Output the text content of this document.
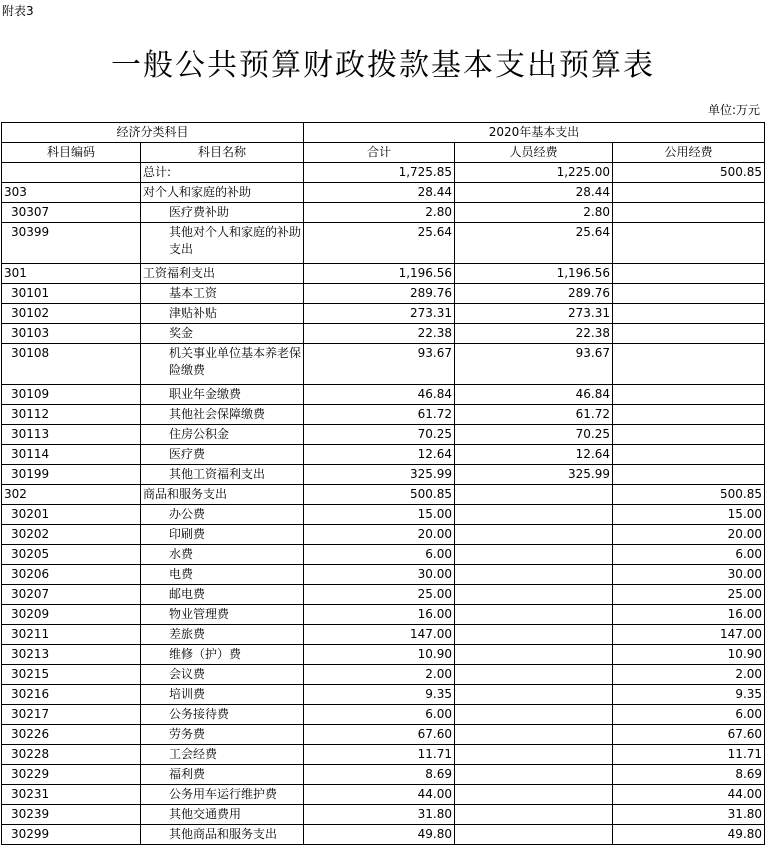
附表3
一般公共预算财政拨款基本支出预算表
单位:万元
经济分类科目		2020年基本支出		
科目编码	科目名称	合计	人员经费	公用经费
	总计:	1,725.85	1,225.00	500.85
303	对个人和家庭的补助	28.44	28.44	
30307	医疗费补助	2.80	2.80	
30399	其他对个人和家庭的补助支出	25.64	25.64	
301	工资福利支出	1,196.56	1,196.56	
30101	基本工资	289.76	289.76	
30102	津贴补贴	273.31	273.31	
30103	奖金	22.38	22.38	
30108	机关事业单位基本养老保险缴费	93.67	93.67	
30109	职业年金缴费	46.84	46.84	
30112	其他社会保障缴费	61.72	61.72	
30113	住房公积金	70.25	70.25	
30114	医疗费	12.64	12.64	
30199	其他工资福利支出	325.99	325.99	
302	商品和服务支出	500.85		500.85
30201	办公费	15.00		15.00
30202	印刷费	20.00		20.00
30205	水费	6.00		6.00
30206	电费	30.00		30.00
30207	邮电费	25.00		25.00
30209	物业管理费	16.00		16.00
30211	差旅费	147.00		147.00
30213	维修（护）费	10.90		10.90
30215	会议费	2.00		2.00
30216	培训费	9.35		9.35
30217	公务接待费	6.00		6.00
30226	劳务费	67.60		67.60
30228	工会经费	11.71		11.71
30229	福利费	8.69		8.69
30231	公务用车运行维护费	44.00		44.00
30239	其他交通费用	31.80		31.80
30299	其他商品和服务支出	49.80		49.80
